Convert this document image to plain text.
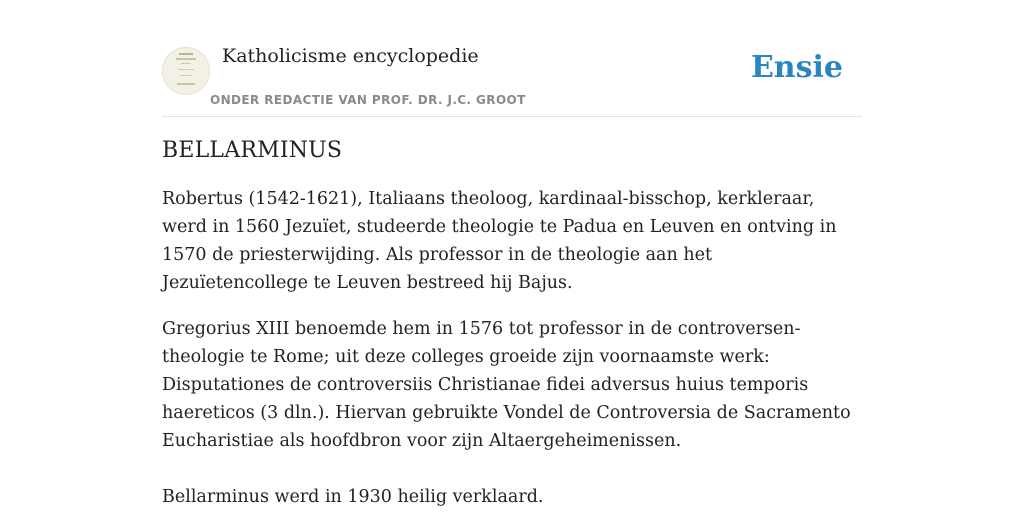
Katholicisme encyclopedie
ONDER REDACTIE VAN PROF. DR. J.C. GROOT
Ensie
BELLARMINUS

Robertus (1542-1621), Italiaans theoloog, kardinaal-bisschop, kerkleraar, werd in 1560 Jezuïet, studeerde theologie te Padua en Leuven en ontving in 1570 de priesterwijding. Als professor in de theologie aan het Jezuïetencollege te Leuven bestreed hij Bajus.

Gregorius XIII benoemde hem in 1576 tot professor in de controversen-theologie te Rome; uit deze colleges groeide zijn voornaamste werk: Disputationes de controversiis Christianae fidei adversus huius temporis haereticos (3 dln.). Hiervan gebruikte Vondel de Controversia de Sacramento Eucharistiae als hoofdbron voor zijn Altaergeheimenissen.

Bellarminus werd in 1930 heilig verklaard.
